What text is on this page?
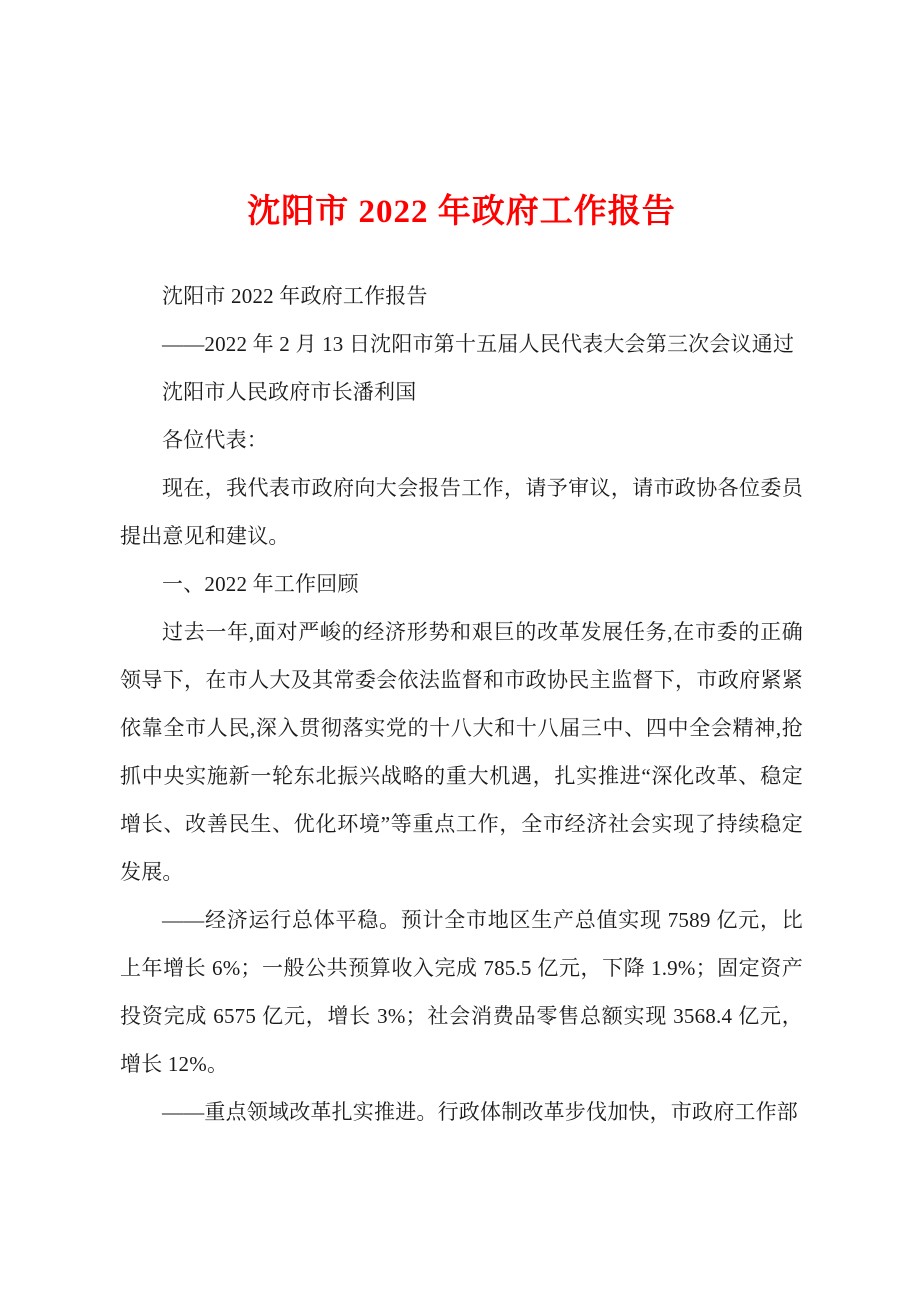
沈阳市 2022 年政府工作报告

沈阳市 2022 年政府工作报告

——2022 年 2 月 13 日沈阳市第十五届人民代表大会第三次会议通过

沈阳市人民政府市长潘利国

各位代表：

现在，我代表市政府向大会报告工作，请予审议，请市政协各位委员提出意见和建议。

一、2022 年工作回顾

过去一年,面对严峻的经济形势和艰巨的改革发展任务,在市委的正确领导下，在市人大及其常委会依法监督和市政协民主监督下，市政府紧紧依靠全市人民,深入贯彻落实党的十八大和十八届三中、四中全会精神,抢抓中央实施新一轮东北振兴战略的重大机遇，扎实推进“深化改革、稳定增长、改善民生、优化环境”等重点工作，全市经济社会实现了持续稳定发展。

——经济运行总体平稳。预计全市地区生产总值实现 7589 亿元，比上年增长 6%；一般公共预算收入完成 785.5 亿元，下降 1.9%；固定资产投资完成 6575 亿元，增长 3%；社会消费品零售总额实现 3568.4 亿元，增长 12%。

——重点领域改革扎实推进。行政体制改革步伐加快，市政府工作部
